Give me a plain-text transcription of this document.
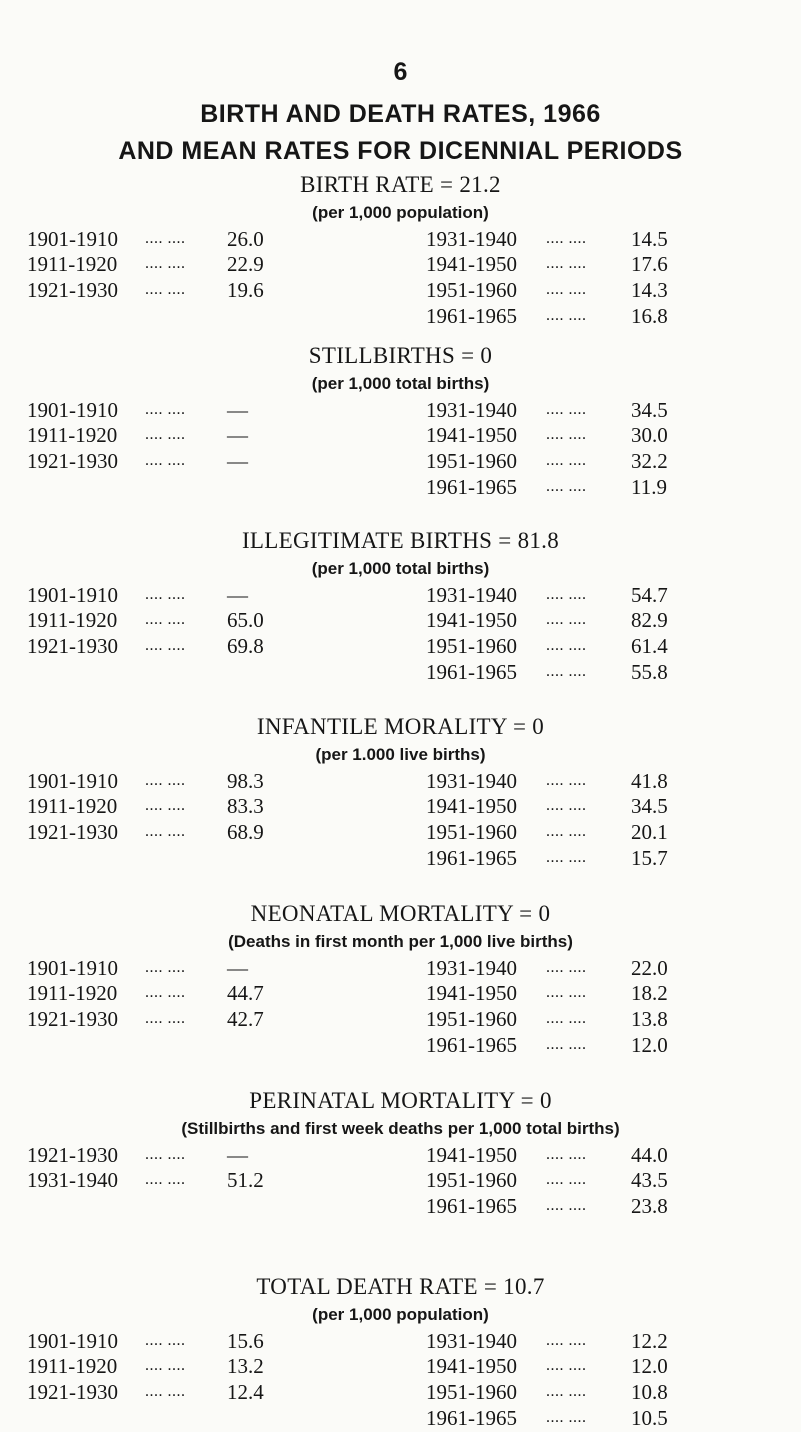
6
BIRTH AND DEATH RATES, 1966
AND MEAN RATES FOR DICENNIAL PERIODS
BIRTH RATE = 21.2
(per 1,000 population)
1901-1910 .... .... 26.0
1911-1920 .... .... 22.9
1921-1930 .... .... 19.6
1931-1940 .... .... 14.5
1941-1950 .... .... 17.6
1951-1960 .... .... 14.3
1961-1965 .... .... 16.8
STILLBIRTHS = 0
(per 1,000 total births)
1901-1910 .... .... —
1911-1920 .... .... —
1921-1930 .... .... —
1931-1940 .... .... 34.5
1941-1950 .... .... 30.0
1951-1960 .... .... 32.2
1961-1965 .... .... 11.9
ILLEGITIMATE BIRTHS = 81.8
(per 1,000 total births)
1901-1910 .... .... —
1911-1920 .... .... 65.0
1921-1930 .... .... 69.8
1931-1940 .... .... 54.7
1941-1950 .... .... 82.9
1951-1960 .... .... 61.4
1961-1965 .... .... 55.8
INFANTILE MORALITY = 0
(per 1.000 live births)
1901-1910 .... .... 98.3
1911-1920 .... .... 83.3
1921-1930 .... .... 68.9
1931-1940 .... .... 41.8
1941-1950 .... .... 34.5
1951-1960 .... .... 20.1
1961-1965 .... .... 15.7
NEONATAL MORTALITY = 0
(Deaths in first month per 1,000 live births)
1901-1910 .... .... —
1911-1920 .... .... 44.7
1921-1930 .... .... 42.7
1931-1940 .... .... 22.0
1941-1950 .... .... 18.2
1951-1960 .... .... 13.8
1961-1965 .... .... 12.0
PERINATAL MORTALITY = 0
(Stillbirths and first week deaths per 1,000 total births)
1921-1930 .... .... —
1931-1940 .... .... 51.2
1941-1950 .... .... 44.0
1951-1960 .... .... 43.5
1961-1965 .... .... 23.8
TOTAL DEATH RATE = 10.7
(per 1,000 population)
1901-1910 .... .... 15.6
1911-1920 .... .... 13.2
1921-1930 .... .... 12.4
1931-1940 .... .... 12.2
1941-1950 .... .... 12.0
1951-1960 .... .... 10.8
1961-1965 .... .... 10.5
